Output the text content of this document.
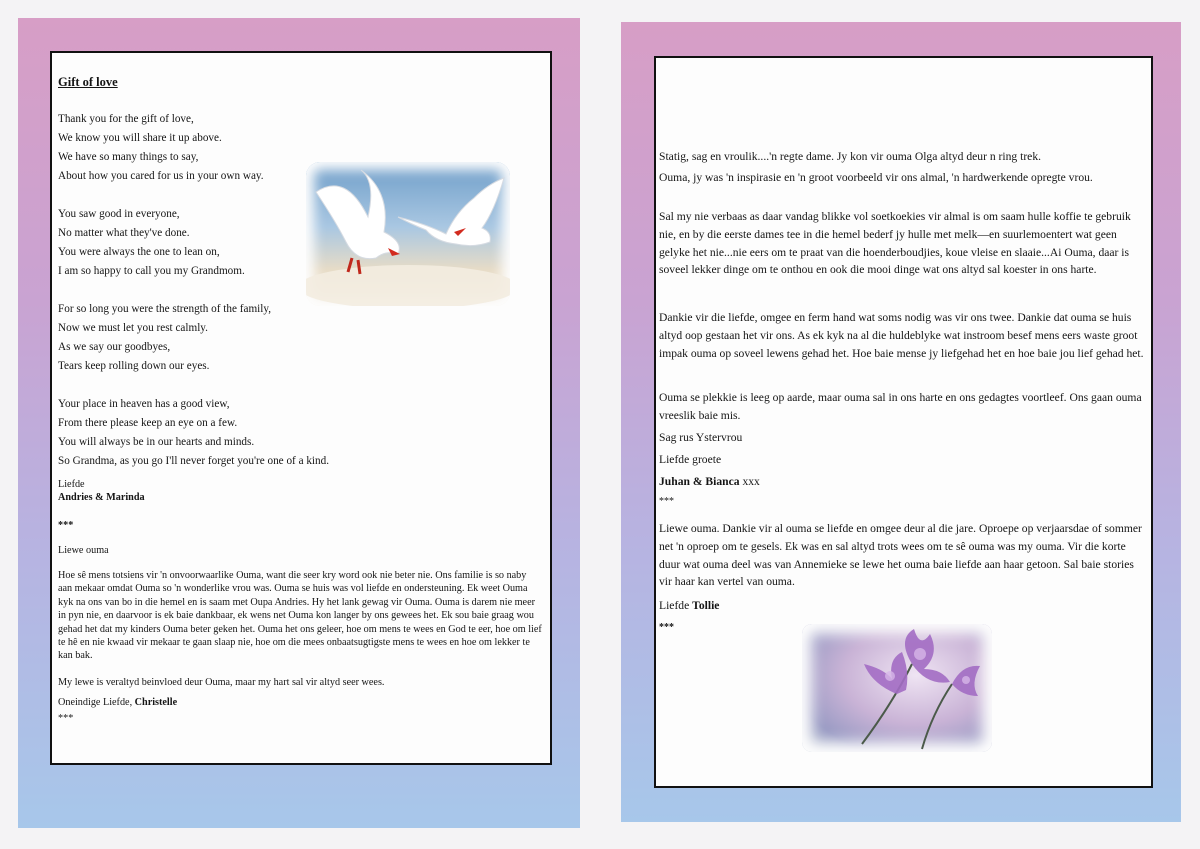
Gift of love
Thank you for the gift of love,
We know you will share it up above.
We have so many things to say,
About how you cared for us in your own way.
You saw good in everyone,
No matter what they've done.
You were always the one to lean on,
I am so happy to call you my Grandmom.
For so long you were the strength of the family,
Now we must let you rest calmly.
As we say our goodbyes,
Tears keep rolling down our eyes.
Your place in heaven has a good view,
From there please keep an eye on a few.
You will always be in our hearts and minds.
So Grandma, as you go I'll never forget you're one of a kind.
Liefde
Andries & Marinda
***
Liewe ouma
Hoe sê mens totsiens vir 'n onvoorwaarlike Ouma, want die seer kry word ook nie beter nie. Ons familie is so naby aan mekaar omdat Ouma so 'n wonderlike vrou was. Ouma se huis was vol liefde en ondersteuning. Ek weet Ouma kyk na ons van bo in die hemel en is saam met Oupa Andries. Hy het lank gewag vir Ouma. Ouma is darem nie meer in pyn nie, en daarvoor is ek baie dankbaar, ek wens net Ouma kon langer by ons gewees het. Ek sou baie graag wou gehad het dat my kinders Ouma beter geken het. Ouma het ons geleer, hoe om mens te wees en God te eer, hoe om lief te hê en nie kwaad vir mekaar te gaan slaap nie, hoe om die mees onbaatsugtigste mens te wees en hoe om lekker te kan bak.
My lewe is veraltyd beinvloed deur Ouma, maar my hart sal vir altyd seer wees.
Oneindige Liefde, Christelle
***
Statig, sag en vroulik....'n regte dame. Jy kon vir ouma Olga altyd deur n ring trek.
Ouma, jy was 'n inspirasie en 'n groot voorbeeld vir ons almal, 'n hardwerkende opregte vrou.
Sal my nie verbaas as daar vandag blikke vol soetkoekies vir almal is om saam hulle koffie te gebruik nie, en by die eerste dames tee in die hemel bederf jy hulle met melk—en suurlemoentert wat geen gelyke het nie...nie eers om te praat van die hoenderboudjies, koue vleise en slaaie...Ai Ouma, daar is soveel lekker dinge om te onthou en ook die mooi dinge wat ons altyd sal koester in ons harte.
Dankie vir die liefde, omgee en ferm hand wat soms nodig was vir ons twee. Dankie dat ouma se huis altyd oop gestaan het vir ons. As ek kyk na al die huldeblyke wat instroom besef mens eers waste groot impak ouma op soveel lewens gehad het. Hoe baie mense jy liefgehad het en hoe baie jou lief gehad het.
Ouma se plekkie is leeg op aarde, maar ouma sal in ons harte en ons gedagtes voortleef. Ons gaan ouma vreeslik baie mis.
Sag rus Ystervrou
Liefde groete
Juhan & Bianca xxx
***
Liewe ouma. Dankie vir al ouma se liefde en omgee deur al die jare. Oproepe op verjaarsdae of sommer net 'n oproep om te gesels. Ek was en sal altyd trots wees om te sê ouma was my ouma. Vir die korte duur wat ouma deel was van Annemieke se lewe het ouma baie liefde aan haar getoon. Sal baie stories vir haar kan vertel van ouma.
Liefde Tollie
***
